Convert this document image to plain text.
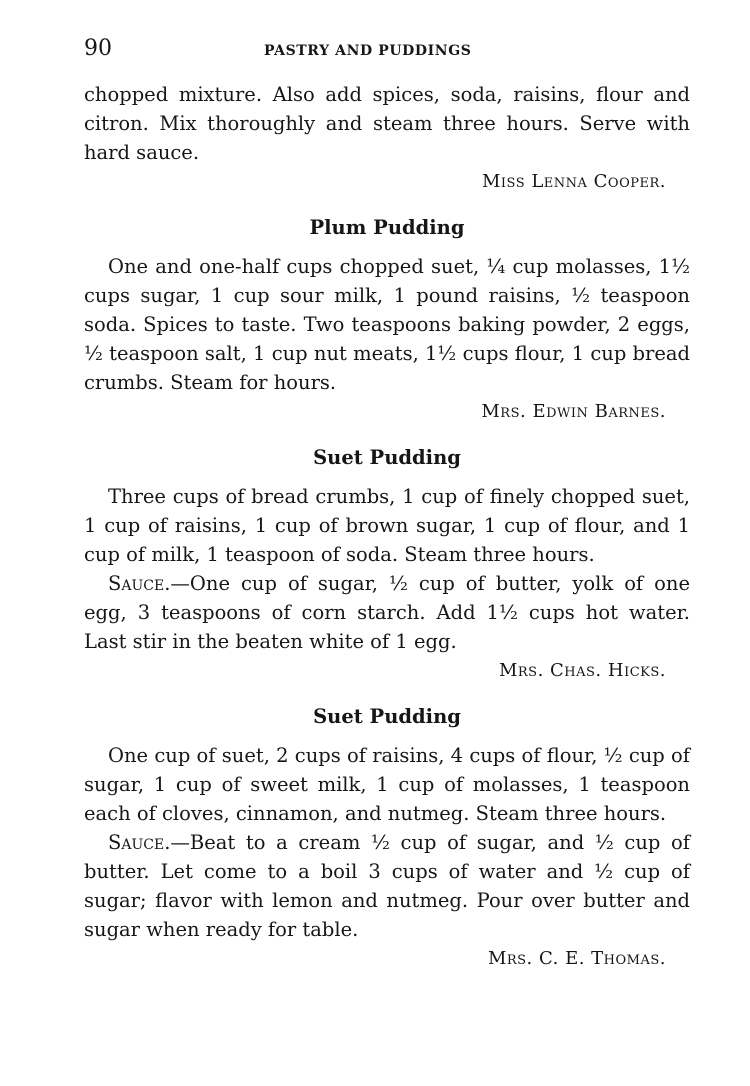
90	PASTRY AND PUDDINGS

chopped mixture. Also add spices, soda, raisins, flour and citron. Mix thoroughly and steam three hours. Serve with hard sauce.

Miss Lenna Cooper.

Plum Pudding

One and one-half cups chopped suet, ¼ cup molasses, 1½ cups sugar, 1 cup sour milk, 1 pound raisins, ½ teaspoon soda. Spices to taste. Two teaspoons baking powder, 2 eggs, ½ teaspoon salt, 1 cup nut meats, 1½ cups flour, 1 cup bread crumbs. Steam for hours.

Mrs. Edwin Barnes.

Suet Pudding

Three cups of bread crumbs, 1 cup of finely chopped suet, 1 cup of raisins, 1 cup of brown sugar, 1 cup of flour, and 1 cup of milk, 1 teaspoon of soda. Steam three hours.

Sauce.—One cup of sugar, ½ cup of butter, yolk of one egg, 3 teaspoons of corn starch. Add 1½ cups hot water. Last stir in the beaten white of 1 egg.

Mrs. Chas. Hicks.

Suet Pudding

One cup of suet, 2 cups of raisins, 4 cups of flour, ½ cup of sugar, 1 cup of sweet milk, 1 cup of molasses, 1 teaspoon each of cloves, cinnamon, and nutmeg. Steam three hours.

Sauce.—Beat to a cream ½ cup of sugar, and ½ cup of butter. Let come to a boil 3 cups of water and ½ cup of sugar; flavor with lemon and nutmeg. Pour over butter and sugar when ready for table.

Mrs. C. E. Thomas.
